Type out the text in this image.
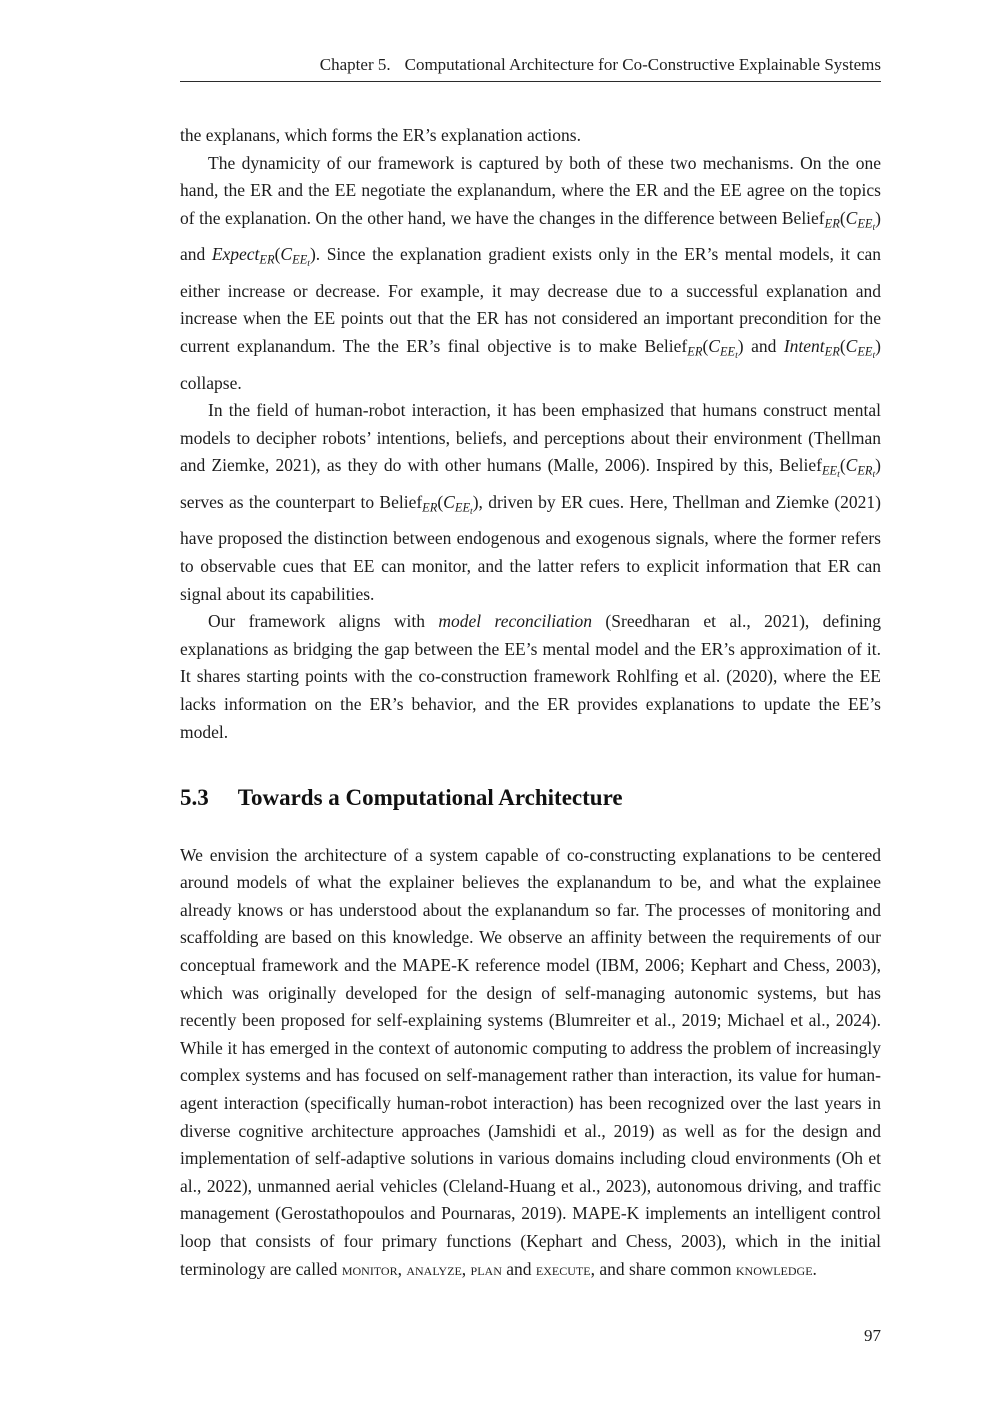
Chapter 5. Computational Architecture for Co-Constructive Explainable Systems

the explanans, which forms the ER’s explanation actions.

The dynamicity of our framework is captured by both of these two mechanisms. On the one hand, the ER and the EE negotiate the explanandum, where the ER and the EE agree on the topics of the explanation. On the other hand, we have the changes in the difference between $BeliefER(CEE_t)$ and $ExpectER(CEE_t)$. Since the explanation gradient exists only in the ER’s mental models, it can either increase or decrease. For example, it may decrease due to a successful explanation and increase when the EE points out that the ER has not considered an important precondition for the current explanandum. The the ER’s final objective is to make $BeliefER(CEE_t)$ and $IntentER(CEE_t)$ collapse.

In the field of human-robot interaction, it has been emphasized that humans construct mental models to decipher robots’ intentions, beliefs, and perceptions about their environment (Thellman and Ziemke, 2021), as they do with other humans (Malle, 2006). Inspired by this, $BeliefEE_t(CER_t)$ serves as the counterpart to $BeliefER(CEE_t)$, driven by ER cues. Here, Thellman and Ziemke (2021) have proposed the distinction between endogenous and exogenous signals, where the former refers to observable cues that EE can monitor, and the latter refers to explicit information that ER can signal about its capabilities.

Our framework aligns with model reconciliation (Sreedharan et al., 2021), defining explanations as bridging the gap between the EE’s mental model and the ER’s approximation of it. It shares starting points with the co-construction framework Rohlfing et al. (2020), where the EE lacks information on the ER’s behavior, and the ER provides explanations to update the EE’s model.

5.3 Towards a Computational Architecture

We envision the architecture of a system capable of co-constructing explanations to be centered around models of what the explainer believes the explanandum to be, and what the explainee already knows or has understood about the explanandum so far. The processes of monitoring and scaffolding are based on this knowledge. We observe an affinity between the requirements of our conceptual framework and the MAPE-K reference model (IBM, 2006; Kephart and Chess, 2003), which was originally developed for the design of self-managing autonomic systems, but has recently been proposed for self-explaining systems (Blumreiter et al., 2019; Michael et al., 2024). While it has emerged in the context of autonomic computing to address the problem of increasingly complex systems and has focused on self-management rather than interaction, its value for human-agent interaction (specifically human-robot interaction) has been recognized over the last years in diverse cognitive architecture approaches (Jamshidi et al., 2019) as well as for the design and implementation of self-adaptive solutions in various domains including cloud environments (Oh et al., 2022), unmanned aerial vehicles (Cleland-Huang et al., 2023), autonomous driving, and traffic management (Gerostathopoulos and Pournaras, 2019). MAPE-K implements an intelligent control loop that consists of four primary functions (Kephart and Chess, 2003), which in the initial terminology are called monitor, analyze, plan and execute, and share common knowledge.

97
